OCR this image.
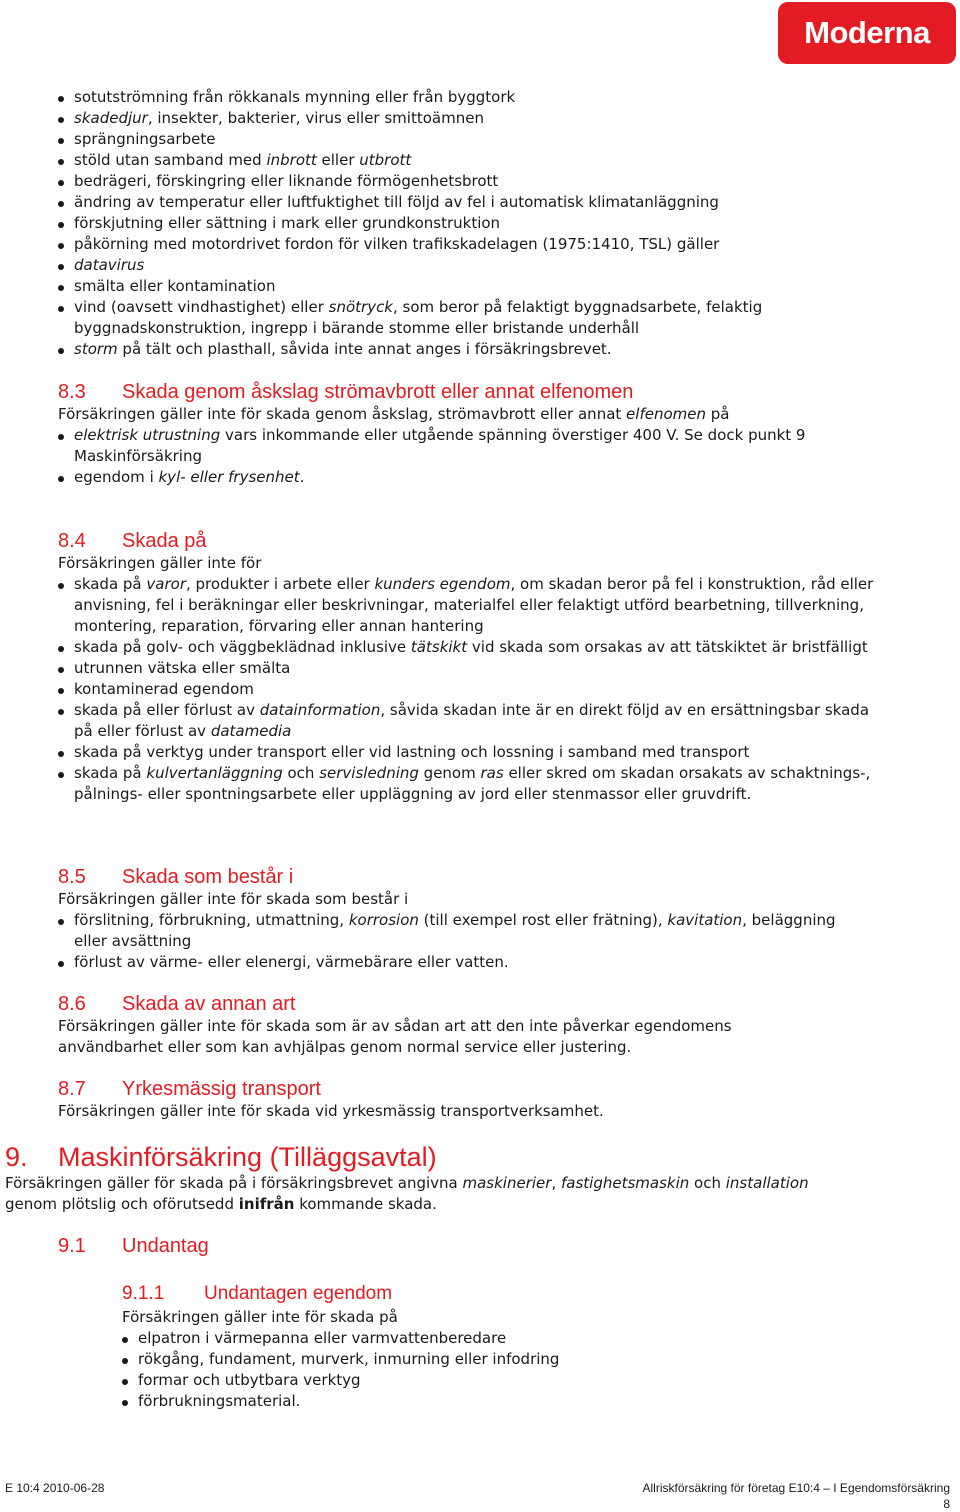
Moderna
sotutströmning från rökkanals mynning eller från byggtork
skadedjur, insekter, bakterier, virus eller smittoämnen
sprängningsarbete
stöld utan samband med inbrott eller utbrott
bedrägeri, förskingring eller liknande förmögenhetsbrott
ändring av temperatur eller luftfuktighet till följd av fel i automatisk klimatanläggning
förskjutning eller sättning i mark eller grundkonstruktion
påkörning med motordrivet fordon för vilken trafikskadelagen (1975:1410, TSL) gäller
datavirus
smälta eller kontamination
vind (oavsett vindhastighet) eller snötryck, som beror på felaktigt byggnadsarbete, felaktig byggnadskonstruktion, ingrepp i bärande stomme eller bristande underhåll
storm på tält och plasthall, såvida inte annat anges i försäkringsbrevet.
8.3 Skada genom åskslag strömavbrott eller annat elfenomen

Försäkringen gäller inte för skada genom åskslag, strömavbrott eller annat elfenomen på

elektrisk utrustning vars inkommande eller utgående spänning överstiger 400 V. Se dock punkt 9 Maskinförsäkring
egendom i kyl- eller frysenhet.
8.4 Skada på

Försäkringen gäller inte för

skada på varor, produkter i arbete eller kunders egendom, om skadan beror på fel i konstruktion, råd eller anvisning, fel i beräkningar eller beskrivningar, materialfel eller felaktigt utförd bearbetning, tillverkning, montering, reparation, förvaring eller annan hantering
skada på golv- och väggbeklädnad inklusive tätskikt vid skada som orsakas av att tätskiktet är bristfälligt
utrunnen vätska eller smälta
kontaminerad egendom
skada på eller förlust av datainformation, såvida skadan inte är en direkt följd av en ersättningsbar skada på eller förlust av datamedia
skada på verktyg under transport eller vid lastning och lossning i samband med transport
skada på kulvertanläggning och servisledning genom ras eller skred om skadan orsakats av schaktnings-, pålnings- eller spontningsarbete eller uppläggning av jord eller stenmassor eller gruvdrift.
8.5 Skada som består i

Försäkringen gäller inte för skada som består i

förslitning, förbrukning, utmattning, korrosion (till exempel rost eller frätning), kavitation, beläggning eller avsättning
förlust av värme- eller elenergi, värmebärare eller vatten.
8.6 Skada av annan art

Försäkringen gäller inte för skada som är av sådan art att den inte påverkar egendomens användbarhet eller som kan avhjälpas genom normal service eller justering.

8.7 Yrkesmässig transport

Försäkringen gäller inte för skada vid yrkesmässig transportverksamhet.

9. Maskinförsäkring (Tilläggsavtal)

Försäkringen gäller för skada på i försäkringsbrevet angivna maskinerier, fastighetsmaskin och installation genom plötslig och oförutsedd inifrån kommande skada.

9.1 Undantag
9.1.1 Undantagen egendom

Försäkringen gäller inte för skada på

elpatron i värmepanna eller varmvattenberedare
rökgång, fundament, murverk, inmurning eller infodring
formar och utbytbara verktyg
förbrukningsmaterial.
E 10:4 2010-06-28	Allriskförsäkring för företag E10:4 – I Egendomsförsäkring
8
